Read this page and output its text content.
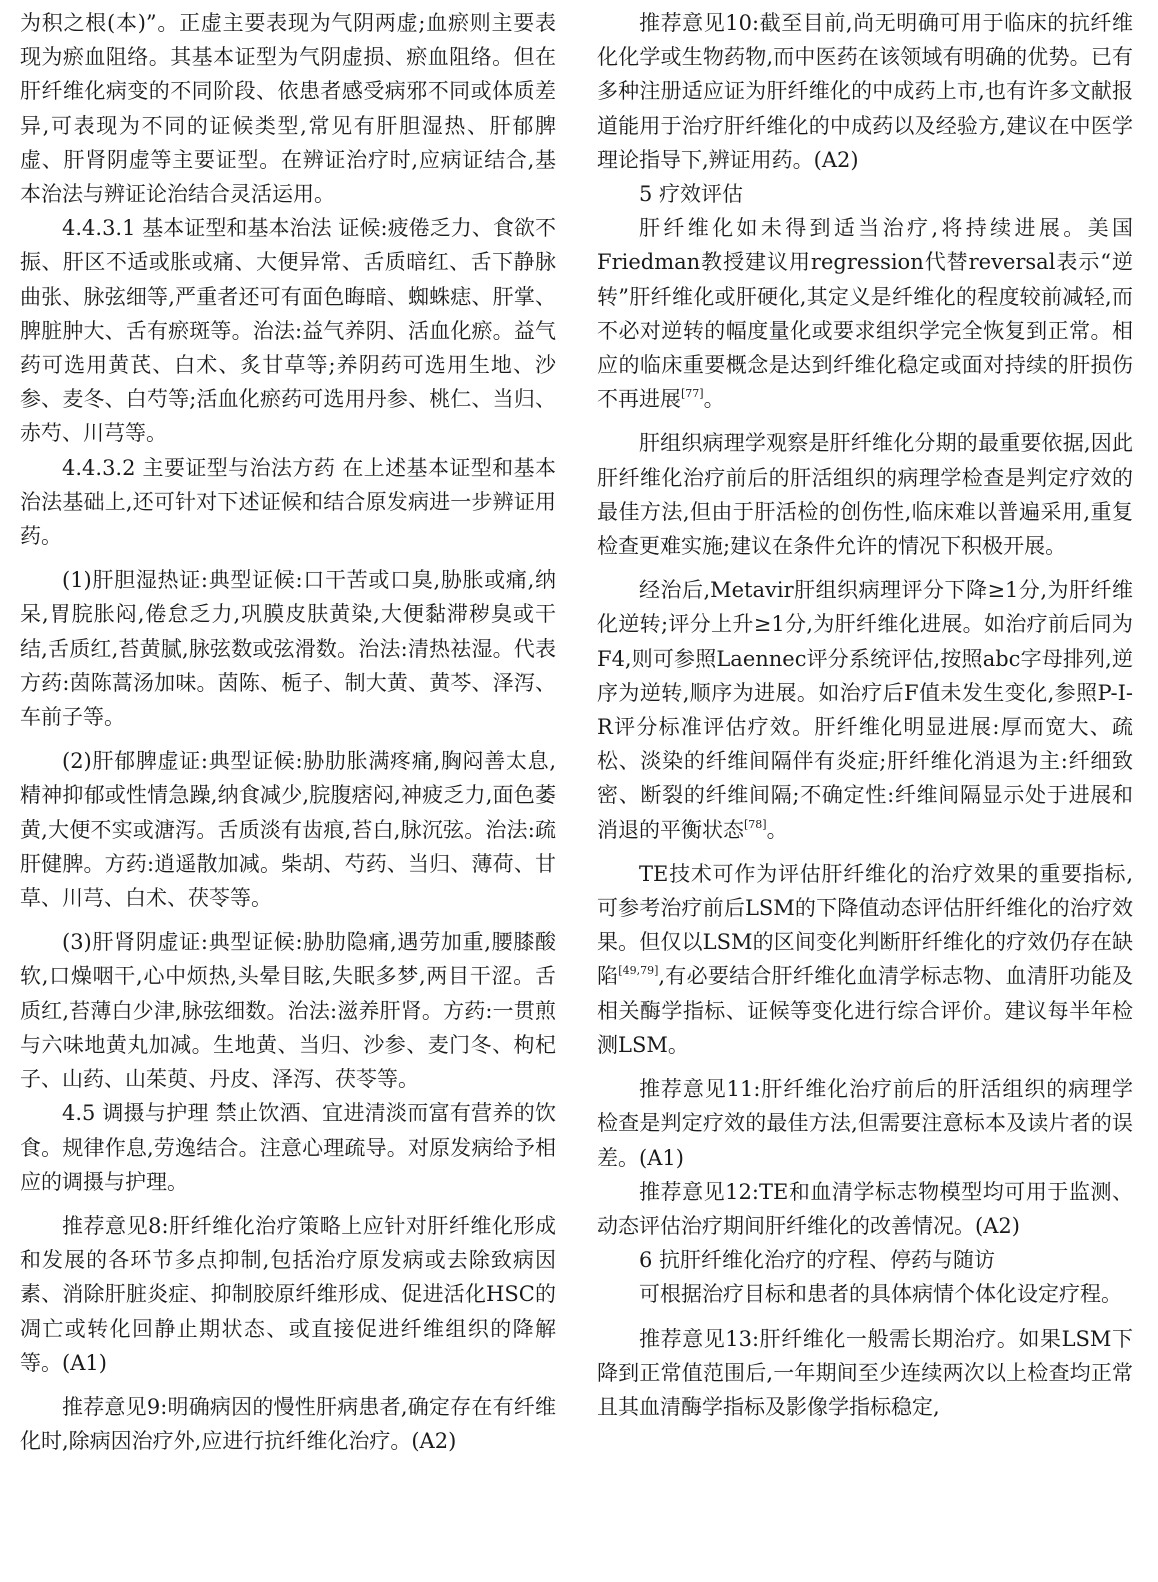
为积之根(本)”。正虚主要表现为气阴两虚;血瘀则主要表现为瘀血阻络。其基本证型为气阴虚损、瘀血阻络。但在肝纤维化病变的不同阶段、依患者感受病邪不同或体质差异,可表现为不同的证候类型,常见有肝胆湿热、肝郁脾虚、肝肾阴虚等主要证型。在辨证治疗时,应病证结合,基本治法与辨证论治结合灵活运用。

4.4.3.1 基本证型和基本治法 证候:疲倦乏力、食欲不振、肝区不适或胀或痛、大便异常、舌质暗红、舌下静脉曲张、脉弦细等,严重者还可有面色晦暗、蜘蛛痣、肝掌、脾脏肿大、舌有瘀斑等。治法:益气养阴、活血化瘀。益气药可选用黄芪、白术、炙甘草等;养阴药可选用生地、沙参、麦冬、白芍等;活血化瘀药可选用丹参、桃仁、当归、赤芍、川芎等。

4.4.3.2 主要证型与治法方药 在上述基本证型和基本治法基础上,还可针对下述证候和结合原发病进一步辨证用药。

(1)肝胆湿热证:典型证候:口干苦或口臭,胁胀或痛,纳呆,胃脘胀闷,倦怠乏力,巩膜皮肤黄染,大便黏滞秽臭或干结,舌质红,苔黄腻,脉弦数或弦滑数。治法:清热祛湿。代表方药:茵陈蒿汤加味。茵陈、栀子、制大黄、黄芩、泽泻、车前子等。

(2)肝郁脾虚证:典型证候:胁肋胀满疼痛,胸闷善太息,精神抑郁或性情急躁,纳食减少,脘腹痞闷,神疲乏力,面色萎黄,大便不实或溏泻。舌质淡有齿痕,苔白,脉沉弦。治法:疏肝健脾。方药:逍遥散加减。柴胡、芍药、当归、薄荷、甘草、川芎、白术、茯苓等。

(3)肝肾阴虚证:典型证候:胁肋隐痛,遇劳加重,腰膝酸软,口燥咽干,心中烦热,头晕目眩,失眠多梦,两目干涩。舌质红,苔薄白少津,脉弦细数。治法:滋养肝肾。方药:一贯煎与六味地黄丸加减。生地黄、当归、沙参、麦门冬、枸杞子、山药、山茱萸、丹皮、泽泻、茯苓等。

4.5 调摄与护理 禁止饮酒、宜进清淡而富有营养的饮食。规律作息,劳逸结合。注意心理疏导。对原发病给予相应的调摄与护理。

推荐意见8:肝纤维化治疗策略上应针对肝纤维化形成和发展的各环节多点抑制,包括治疗原发病或去除致病因素、消除肝脏炎症、抑制胶原纤维形成、促进活化HSC的凋亡或转化回静止期状态、或直接促进纤维组织的降解等。(A1)

推荐意见9:明确病因的慢性肝病患者,确定存在有纤维化时,除病因治疗外,应进行抗纤维化治疗。(A2)

推荐意见10:截至目前,尚无明确可用于临床的抗纤维化化学或生物药物,而中医药在该领域有明确的优势。已有多种注册适应证为肝纤维化的中成药上市,也有许多文献报道能用于治疗肝纤维化的中成药以及经验方,建议在中医学理论指导下,辨证用药。(A2)

5 疗效评估

肝纤维化如未得到适当治疗,将持续进展。美国Friedman教授建议用regression代替reversal表示“逆转”肝纤维化或肝硬化,其定义是纤维化的程度较前减轻,而不必对逆转的幅度量化或要求组织学完全恢复到正常。相应的临床重要概念是达到纤维化稳定或面对持续的肝损伤不再进展[77]。

肝组织病理学观察是肝纤维化分期的最重要依据,因此肝纤维化治疗前后的肝活组织的病理学检查是判定疗效的最佳方法,但由于肝活检的创伤性,临床难以普遍采用,重复检查更难实施;建议在条件允许的情况下积极开展。

经治后,Metavir肝组织病理评分下降≥1分,为肝纤维化逆转;评分上升≥1分,为肝纤维化进展。如治疗前后同为F4,则可参照Laennec评分系统评估,按照abc字母排列,逆序为逆转,顺序为进展。如治疗后F值未发生变化,参照P-I-R评分标准评估疗效。肝纤维化明显进展:厚而宽大、疏松、淡染的纤维间隔伴有炎症;肝纤维化消退为主:纤细致密、断裂的纤维间隔;不确定性:纤维间隔显示处于进展和消退的平衡状态[78]。

TE技术可作为评估肝纤维化的治疗效果的重要指标,可参考治疗前后LSM的下降值动态评估肝纤维化的治疗效果。但仅以LSM的区间变化判断肝纤维化的疗效仍存在缺陷[49,79],有必要结合肝纤维化血清学标志物、血清肝功能及相关酶学指标、证候等变化进行综合评价。建议每半年检测LSM。

推荐意见11:肝纤维化治疗前后的肝活组织的病理学检查是判定疗效的最佳方法,但需要注意标本及读片者的误差。(A1)

推荐意见12:TE和血清学标志物模型均可用于监测、动态评估治疗期间肝纤维化的改善情况。(A2)

6 抗肝纤维化治疗的疗程、停药与随访

可根据治疗目标和患者的具体病情个体化设定疗程。

推荐意见13:肝纤维化一般需长期治疗。如果LSM下降到正常值范围后,一年期间至少连续两次以上检查均正常且其血清酶学指标及影像学指标稳定,
